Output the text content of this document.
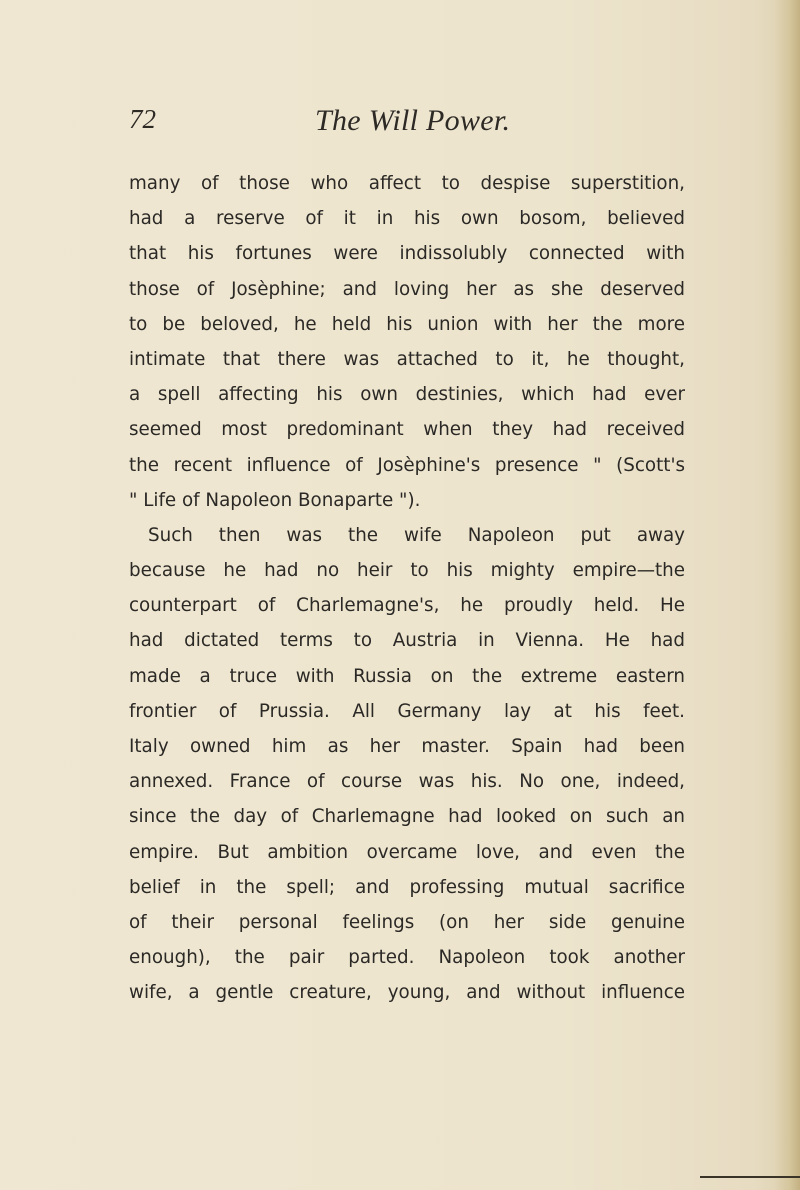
72	The Will Power.
many of those who affect to despise superstition,
had a reserve of it in his own bosom, believed
that his fortunes were indissolubly connected with
those of Josèphine; and loving her as she deserved
to be beloved, he held his union with her the more
intimate that there was attached to it, he thought,
a spell affecting his own destinies, which had ever
seemed most predominant when they had received
the recent influence of Josèphine's presence " (Scott's
" Life of Napoleon Bonaparte ").
Such then was the wife Napoleon put away
because he had no heir to his mighty empire—the
counterpart of Charlemagne's, he proudly held. He
had dictated terms to Austria in Vienna. He had
made a truce with Russia on the extreme eastern
frontier of Prussia. All Germany lay at his feet.
Italy owned him as her master. Spain had been
annexed. France of course was his. No one, indeed,
since the day of Charlemagne had looked on such an
empire. But ambition overcame love, and even the
belief in the spell; and professing mutual sacrifice
of their personal feelings (on her side genuine
enough), the pair parted. Napoleon took another
wife, a gentle creature, young, and without influence
